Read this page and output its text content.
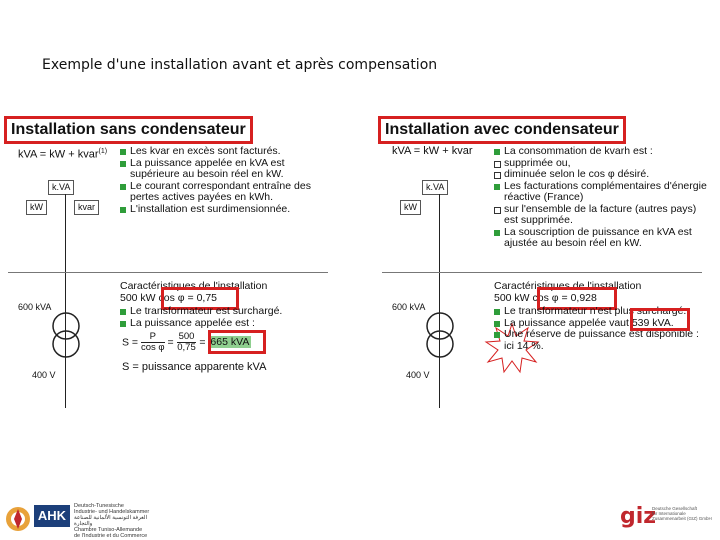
Exemple d'une installation avant et après compensation
Installation sans condensateur
kVA = kW + kvar$^{(1)}$
k.VA
kW	kvar
Les kvar en excès sont facturés.
La puissance appelée en kVA est supérieure au besoin réel en kW.
Le courant correspondant entraîne des pertes actives payées en kWh.
L'installation est surdimensionnée.
600 kVA
400 V
Caractéristiques de l'installation
500 kW cos φ = 0,75
Le transformateur est surchargé.
La puissance appelée est :
$S = \frac{P}{\text{cos φ}} = \frac{500}{0,75} = 665$ kVA
S = puissance apparente kVA
Installation avec condensateur
kVA = kW + kvar
k.VA
kW
La consommation de kvarh est :
supprimée ou,
diminuée selon le cos φ désiré.
Les facturations complémentaires d'énergie réactive (France)
sur l'ensemble de la facture (autres pays) est supprimée.
La souscription de puissance en kVA est ajustée au besoin réel en kW.
600 kVA
400 V
Caractéristiques de l'installation
500 kW cos φ = 0,928
Le transformateur n'est plus surchargé.
La puissance appelée vaut 539 kVA.
Une réserve de puissance est disponible : ici 14 %.
AHK
Deutsch-Tunesische
Industrie- und Handelskammer
الغرفة التونسية الألمانية للصناعة والتجارة
Chambre Tuniso-Allemande
de l'Industrie et du Commerce
giz
Deutsche Gesellschaft
für Internationale
Zusammenarbeit (GIZ) GmbH
